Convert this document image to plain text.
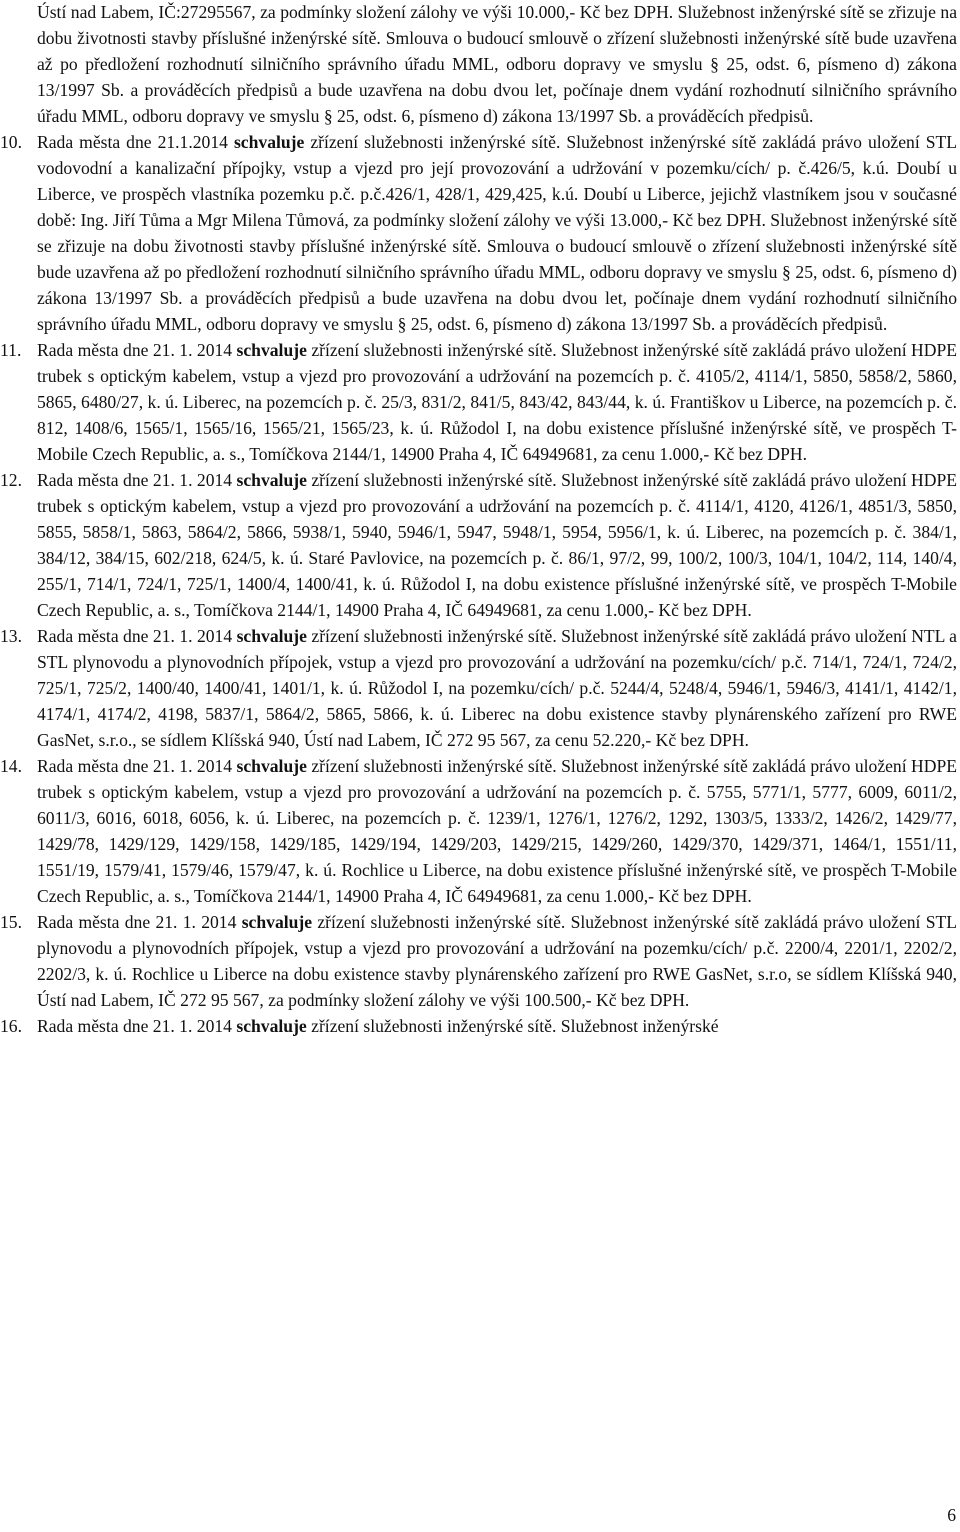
Ústí nad Labem, IČ:27295567, za podmínky složení zálohy ve výši 10.000,- Kč bez DPH. Služebnost inženýrské sítě se zřizuje na dobu životnosti stavby příslušné inženýrské sítě. Smlouva o budoucí smlouvě o zřízení služebnosti inženýrské sítě bude uzavřena až po předložení rozhodnutí silničního správního úřadu MML, odboru dopravy ve smyslu § 25, odst. 6, písmeno d) zákona 13/1997 Sb. a prováděcích předpisů a bude uzavřena na dobu dvou let, počínaje dnem vydání rozhodnutí silničního správního úřadu MML, odboru dopravy ve smyslu § 25, odst. 6, písmeno d) zákona 13/1997 Sb. a prováděcích předpisů.

10. Rada města dne 21.1.2014 schvaluje zřízení služebnosti inženýrské sítě. Služebnost inženýrské sítě zakládá právo uložení STL vodovodní a kanalizační přípojky, vstup a vjezd pro její provozování a udržování v pozemku/cích/ p. č.426/5, k.ú. Doubí u Liberce, ve prospěch vlastníka pozemku p.č. p.č.426/1, 428/1, 429,425, k.ú. Doubí u Liberce, jejichž vlastníkem jsou v současné době: Ing. Jiří Tůma a Mgr Milena Tůmová, za podmínky složení zálohy ve výši 13.000,- Kč bez DPH. Služebnost inženýrské sítě se zřizuje na dobu životnosti stavby příslušné inženýrské sítě. Smlouva o budoucí smlouvě o zřízení služebnosti inženýrské sítě bude uzavřena až po předložení rozhodnutí silničního správního úřadu MML, odboru dopravy ve smyslu § 25, odst. 6, písmeno d) zákona 13/1997 Sb. a prováděcích předpisů a bude uzavřena na dobu dvou let, počínaje dnem vydání rozhodnutí silničního správního úřadu MML, odboru dopravy ve smyslu § 25, odst. 6, písmeno d) zákona 13/1997 Sb. a prováděcích předpisů.

11. Rada města dne 21. 1. 2014 schvaluje zřízení služebnosti inženýrské sítě. Služebnost inženýrské sítě zakládá právo uložení HDPE trubek s optickým kabelem, vstup a vjezd pro provozování a udržování na pozemcích p. č. 4105/2, 4114/1, 5850, 5858/2, 5860, 5865, 6480/27, k. ú. Liberec, na pozemcích p. č. 25/3, 831/2, 841/5, 843/42, 843/44, k. ú. Františkov u Liberce, na pozemcích p. č. 812, 1408/6, 1565/1, 1565/16, 1565/21, 1565/23, k. ú. Růžodol I, na dobu existence příslušné inženýrské sítě, ve prospěch T-Mobile Czech Republic, a. s., Tomíčkova 2144/1, 14900 Praha 4, IČ 64949681, za cenu 1.000,- Kč bez DPH.

12. Rada města dne 21. 1. 2014 schvaluje zřízení služebnosti inženýrské sítě. Služebnost inženýrské sítě zakládá právo uložení HDPE trubek s optickým kabelem, vstup a vjezd pro provozování a udržování na pozemcích p. č. 4114/1, 4120, 4126/1, 4851/3, 5850, 5855, 5858/1, 5863, 5864/2, 5866, 5938/1, 5940, 5946/1, 5947, 5948/1, 5954, 5956/1, k. ú. Liberec, na pozemcích p. č. 384/1, 384/12, 384/15, 602/218, 624/5, k. ú. Staré Pavlovice, na pozemcích p. č. 86/1, 97/2, 99, 100/2, 100/3, 104/1, 104/2, 114, 140/4, 255/1, 714/1, 724/1, 725/1, 1400/4, 1400/41, k. ú. Růžodol I, na dobu existence příslušné inženýrské sítě, ve prospěch T-Mobile Czech Republic, a. s., Tomíčkova 2144/1, 14900 Praha 4, IČ 64949681, za cenu 1.000,- Kč bez DPH.

13. Rada města dne 21. 1. 2014 schvaluje zřízení služebnosti inženýrské sítě. Služebnost inženýrské sítě zakládá právo uložení NTL a STL plynovodu a plynovodních přípojek, vstup a vjezd pro provozování a udržování na pozemku/cích/ p.č. 714/1, 724/1, 724/2, 725/1, 725/2, 1400/40, 1400/41, 1401/1, k. ú. Růžodol I, na pozemku/cích/ p.č. 5244/4, 5248/4, 5946/1, 5946/3, 4141/1, 4142/1, 4174/1, 4174/2, 4198, 5837/1, 5864/2, 5865, 5866, k. ú. Liberec na dobu existence stavby plynárenského zařízení pro RWE GasNet, s.r.o., se sídlem Klíšská 940, Ústí nad Labem, IČ 272 95 567, za cenu 52.220,- Kč bez DPH.

14. Rada města dne 21. 1. 2014 schvaluje zřízení služebnosti inženýrské sítě. Služebnost inženýrské sítě zakládá právo uložení HDPE trubek s optickým kabelem, vstup a vjezd pro provozování a udržování na pozemcích p. č. 5755, 5771/1, 5777, 6009, 6011/2, 6011/3, 6016, 6018, 6056, k. ú. Liberec, na pozemcích p. č. 1239/1, 1276/1, 1276/2, 1292, 1303/5, 1333/2, 1426/2, 1429/77, 1429/78, 1429/129, 1429/158, 1429/185, 1429/194, 1429/203, 1429/215, 1429/260, 1429/370, 1429/371, 1464/1, 1551/11, 1551/19, 1579/41, 1579/46, 1579/47, k. ú. Rochlice u Liberce, na dobu existence příslušné inženýrské sítě, ve prospěch T-Mobile Czech Republic, a. s., Tomíčkova 2144/1, 14900 Praha 4, IČ 64949681, za cenu 1.000,- Kč bez DPH.

15. Rada města dne 21. 1. 2014 schvaluje zřízení služebnosti inženýrské sítě. Služebnost inženýrské sítě zakládá právo uložení STL plynovodu a plynovodních přípojek, vstup a vjezd pro provozování a udržování na pozemku/cích/ p.č. 2200/4, 2201/1, 2202/2, 2202/3, k. ú. Rochlice u Liberce na dobu existence stavby plynárenského zařízení pro RWE GasNet, s.r.o, se sídlem Klíšská 940, Ústí nad Labem, IČ 272 95 567, za podmínky složení zálohy ve výši 100.500,- Kč bez DPH.

16. Rada města dne 21. 1. 2014 schvaluje zřízení služebnosti inženýrské sítě. Služebnost inženýrské

6
